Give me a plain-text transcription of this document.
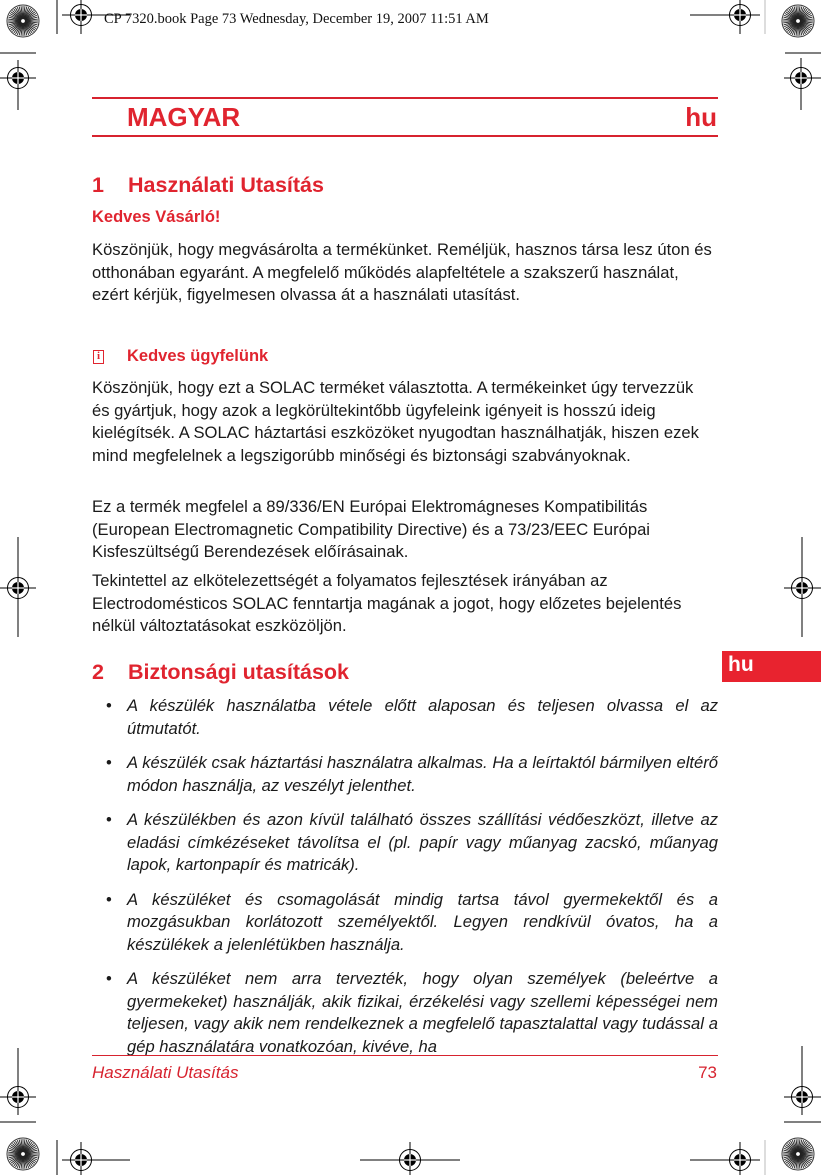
CP 7320.book Page 73 Wednesday, December 19, 2007 11:51 AM
MAGYAR	hu
1 Használati Utasítás
Kedves Vásárló!
Köszönjük, hogy megvásárolta a termékünket. Reméljük, hasznos társa lesz úton és otthonában egyaránt. A megfelelő működés alapfeltétele a szakszerű használat, ezért kérjük, figyelmesen olvassa át a használati utasítást.
i Kedves ügyfelünk
Köszönjük, hogy ezt a SOLAC terméket választotta. A termékeinket úgy tervezzük és gyártjuk, hogy azok a legkörültekintőbb ügyfeleink igényeit is hosszú ideig kielégítsék. A SOLAC háztartási eszközöket nyugodtan használhatják, hiszen ezek mind megfelelnek a legszigorúbb minőségi és biztonsági szabványoknak.
Ez a termék megfelel a 89/336/EN Európai Elektromágneses Kompatibilitás (European Electromagnetic Compatibility Directive) és a 73/23/EEC Európai Kisfeszültségű Berendezések előírásainak.
Tekintettel az elkötelezettségét a folyamatos fejlesztések irányában az Electrodomésticos SOLAC fenntartja magának a jogot, hogy előzetes bejelentés nélkül változtatásokat eszközöljön.
hu
2 Biztonsági utasítások
• A készülék használatba vétele előtt alaposan és teljesen olvassa el az útmutatót.
• A készülék csak háztartási használatra alkalmas. Ha a leírtaktól bármilyen eltérő módon használja, az veszélyt jelenthet.
• A készülékben és azon kívül található összes szállítási védőeszközt, illetve az eladási címkézéseket távolítsa el (pl. papír vagy műanyag zacskó, műanyag lapok, kartonpapír és matricák).
• A készüléket és csomagolását mindig tartsa távol gyermekektől és a mozgásukban korlátozott személyektől. Legyen rendkívül óvatos, ha a készülékek a jelenlétükben használja.
• A készüléket nem arra tervezték, hogy olyan személyek (beleértve a gyermekeket) használják, akik fizikai, érzékelési vagy szellemi képességei nem teljesen, vagy akik nem rendelkeznek a megfelelő tapasztalattal vagy tudással a gép használatára vonatkozóan, kivéve, ha
Használati Utasítás	73
